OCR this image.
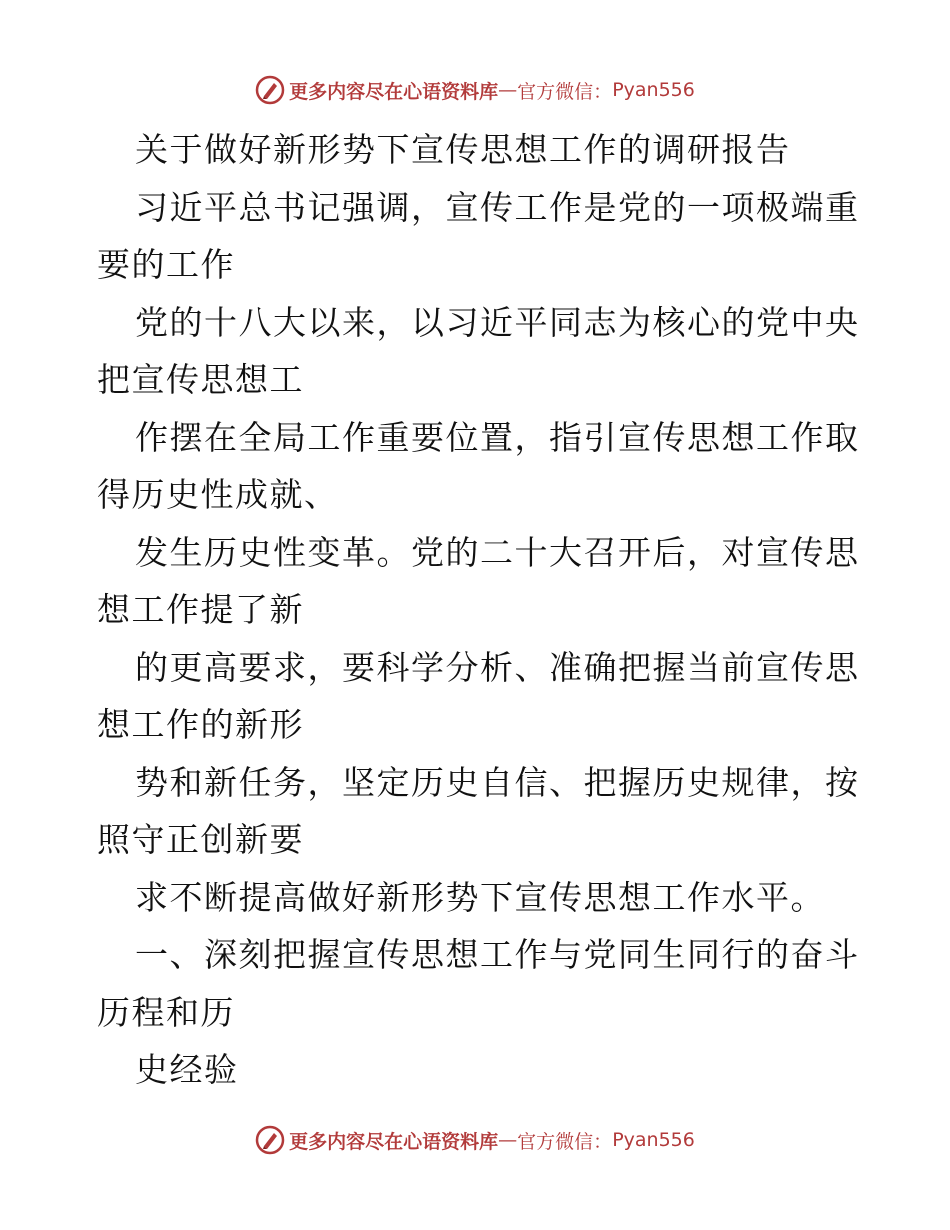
更多内容尽在心语资料库 — 官方微信： Pyan556
关于做好新形势下宣传思想工作的调研报告
习近平总书记强调，宣传工作是党的一项极端重
要的工作
党的十八大以来，以习近平同志为核心的党中央
把宣传思想工
作摆在全局工作重要位置，指引宣传思想工作取
得历史性成就、
发生历史性变革。党的二十大召开后，对宣传思
想工作提了新
的更高要求，要科学分析、准确把握当前宣传思
想工作的新形
势和新任务，坚定历史自信、把握历史规律，按
照守正创新要
求不断提高做好新形势下宣传思想工作水平。
一、深刻把握宣传思想工作与党同生同行的奋斗
历程和历
史经验
更多内容尽在心语资料库 — 官方微信： Pyan556
